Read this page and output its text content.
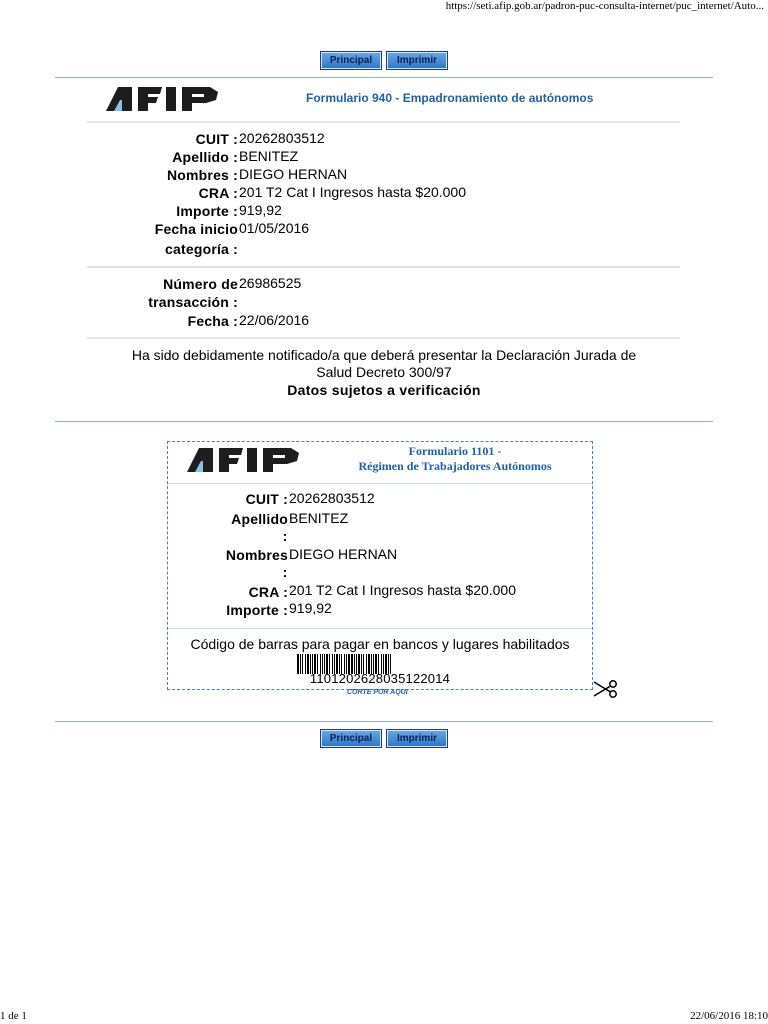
https://seti.afip.gob.ar/padron-puc-consulta-internet/puc_internet/Auto...
Principal	Imprimir
Formulario 940 - Empadronamiento de autónomos
CUIT : 20262803512
Apellido : BENITEZ
Nombres : DIEGO HERNAN
CRA : 201 T2 Cat I Ingresos hasta $20.000
Importe : 919,92
Fecha inicio
categoría :
01/05/2016
Número de
transacción :
26986525
Fecha : 22/06/2016
Ha sido debidamente notificado/a que deberá presentar la Declaración Jurada de
Salud Decreto 300/97
Datos sujetos a verificación
Formulario 1101 -
Régimen de Trabajadores Autónomos
CUIT : 20262803512
Apellido
:
BENITEZ
Nombres
:
DIEGO HERNAN
CRA : 201 T2 Cat I Ingresos hasta $20.000
Importe : 919,92
Código de barras para pagar en bancos y lugares habilitados
1101202628035122014
CORTE POR AQUI
Principal	Imprimir
1 de 1	22/06/2016 18:10
